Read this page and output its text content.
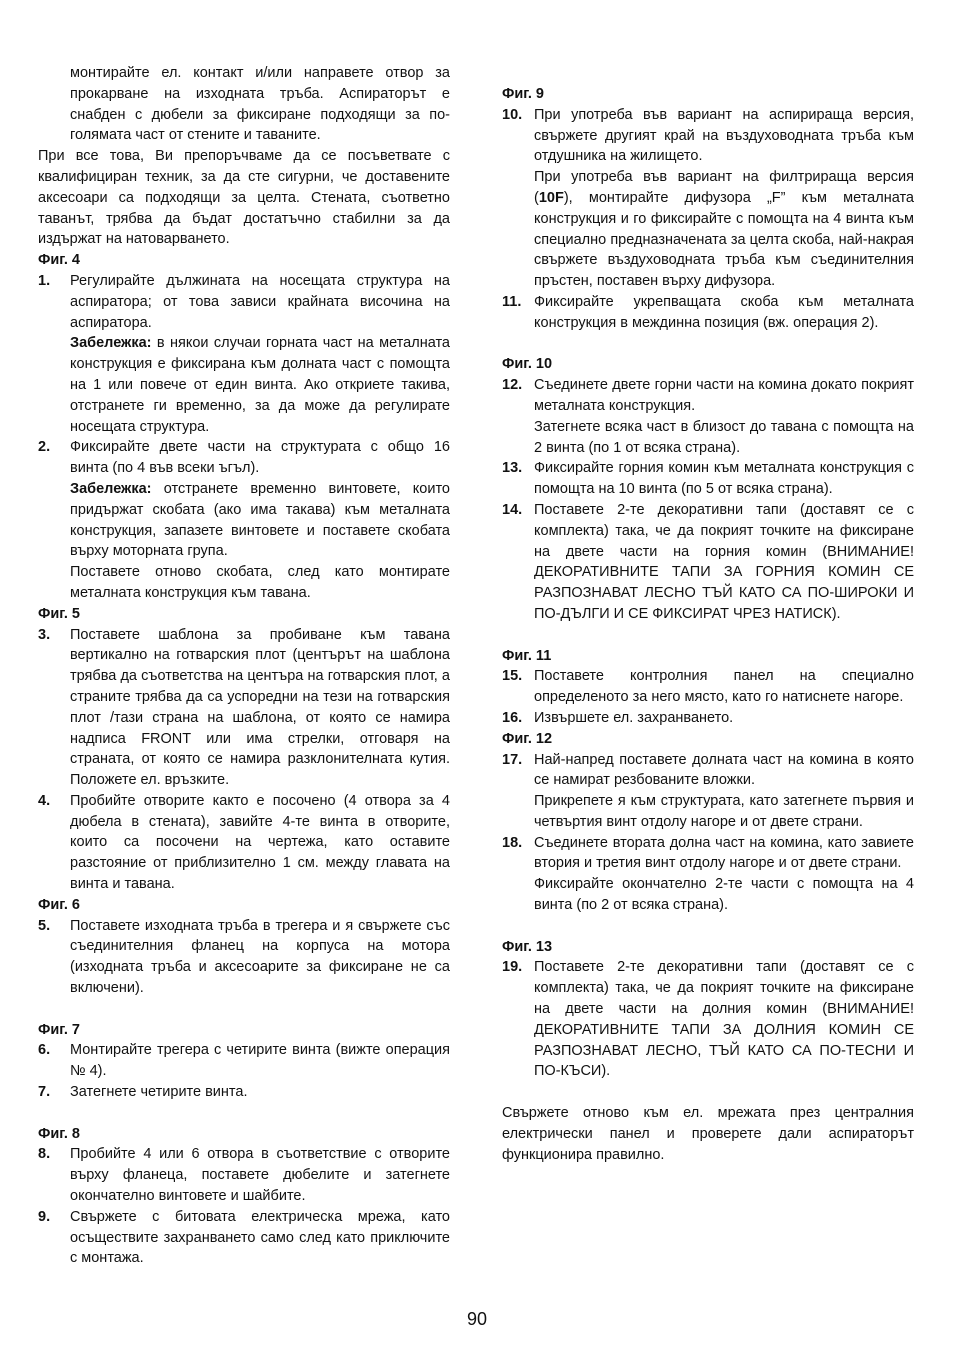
монтирайте ел. контакт и/или направете отвор за прокарване на изходната тръба. Аспираторът е снабден с дюбели за фиксиране подходящи за по-голямата част от стените и таваните.

При все това, Ви препоръчваме да се посъветвате с квалифициран техник, за да сте сигурни, че доставените аксесоари са подходящи за целта. Стената, съответно таванът, трябва да бъдат достатъчно стабилни за да издържат на натоварването.

Фиг. 4

1. Регулирайте дължината на носещата структура на аспиратора; от това зависи крайната височина на аспиратора.

Забележка: в някои случаи горната част на металната конструкция е фиксирана към долната част с помощта на 1 или повече от един винта. Ако откриете такива, отстранете ги временно, за да може да регулирате носещата структура.

2. Фиксирайте двете части на структурата с общо 16 винта (по 4 във всеки ъгъл).

Забележка: отстранете временно винтовете, които придържат скобата (ако има такава) към металната конструкция, запазете винтовете и поставете скобата върху моторната група.

Поставете отново скобата, след като монтирате металната конструкция към тавана.

Фиг. 5

3. Поставете шаблона за пробиване към тавана вертикално на готварския плот (центърът на шаблона трябва да съответства на центъра на готварския плот, а страните трябва да са успоредни на тези на готварския плот /тази страна на шаблона, от която се намира надписа FRONT или има стрелки, отговаря на страната, от която се намира разклонителната кутия. Положете ел. връзките.

4. Пробийте отворите както е посочено (4 отвора за 4 дюбела в стената), завийте 4-те винта в отворите, които са посочени на чертежа, като оставите разстояние от приблизително 1 см. между главата на винта и тавана.

Фиг. 6

5. Поставете изходната тръба в трегера и я свържете със съединителния фланец на корпуса на мотора (изходната тръба и аксесоарите за фиксиране не са включени).

Фиг. 7

6. Монтирайте трегера с четирите винта (вижте операция № 4).

7. Затегнете четирите винта.

Фиг. 8

8. Пробийте 4 или 6 отвора в съответствие с отворите върху фланеца, поставете дюбелите и затегнете окончателно винтовете и шайбите.

9. Свържете с битовата електрическа мрежа, като осъществите захранването само след като приключите с монтажа.

Фиг. 9

10. При употреба във вариант на аспирираща версия, свържете другият край на въздуховодната тръба към отдушника на жилището.

При употреба във вариант на филтрираща версия (10F), монтирайте дифузора „F” към металната конструкция и го фиксирайте с помощта на 4 винта към специално предназначената за целта скоба, най-накрая свържете въздуховодната тръба към съединителния пръстен, поставен върху дифузора.

11. Фиксирайте укрепващата скоба към металната конструкция в междинна позиция (вж. операция 2).

Фиг. 10

12. Съединете двете горни части на комина докато покрият металната конструкция.

Затегнете всяка част в близост до тавана с помощта на 2 винта (по 1 от всяка страна).

13. Фиксирайте горния комин към металната конструкция с помощта на 10 винта (по 5 от всяка страна).

14. Поставете 2-те декоративни тапи (доставят се с комплекта) така, че да покрият точките на фиксиране на двете части на горния комин (ВНИМАНИЕ! ДЕКОРАТИВНИТЕ ТАПИ ЗА ГОРНИЯ КОМИН СЕ РАЗПОЗНАВАТ ЛЕСНО ТЪЙ КАТО СА ПО-ШИРОКИ И ПО-ДЪЛГИ И СЕ ФИКСИРАТ ЧРЕЗ НАТИСК).

Фиг. 11

15. Поставете контролния панел на специално определеното за него място, като го натиснете нагоре.

16. Извършете ел. захранването.

Фиг. 12

17. Най-напред поставете долната част на комина в която се намират резбованите вложки.

Прикрепете я към структурата, като затегнете първия и четвъртия винт отдолу нагоре и от двете страни.

18. Съединете втората долна част на комина, като завиете втория и третия винт отдолу нагоре и от двете страни.

Фиксирайте окончателно 2-те части с помощта на 4 винта (по 2 от всяка страна).

Фиг. 13

19. Поставете 2-те декоративни тапи (доставят се с комплекта) така, че да покрият точките на фиксиране на двете части на долния комин (ВНИМАНИЕ! ДЕКОРАТИВНИТЕ ТАПИ ЗА ДОЛНИЯ КОМИН СЕ РАЗПОЗНАВАТ ЛЕСНО, ТЪЙ КАТО СА ПО-ТЕСНИ И ПО-КЪСИ).

Свържете отново към ел. мрежата през централния електрически панел и проверете дали аспираторът функционира правилно.

90
